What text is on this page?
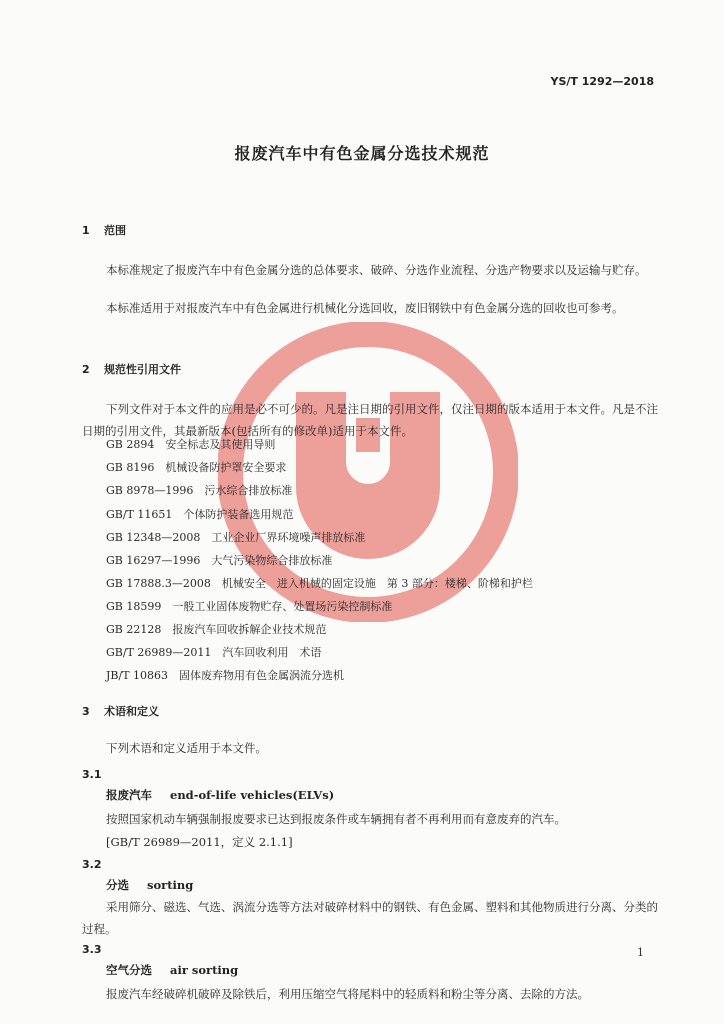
YS/T 1292—2018
报废汽车中有色金属分选技术规范
1 范围
本标准规定了报废汽车中有色金属分选的总体要求、破碎、分选作业流程、分选产物要求以及运输与贮存。
本标准适用于对报废汽车中有色金属进行机械化分选回收，废旧钢铁中有色金属分选的回收也可参考。
2 规范性引用文件
下列文件对于本文件的应用是必不可少的。凡是注日期的引用文件，仅注日期的版本适用于本文件。凡是不注日期的引用文件，其最新版本(包括所有的修改单)适用于本文件。
GB 2894　 安全标志及其使用导则
GB 8196　 机械设备防护罩安全要求
GB 8978—1996　 污水综合排放标准
GB/T 11651　 个体防护装备选用规范
GB 12348—2008　 工业企业厂界环境噪声排放标准
GB 16297—1996　 大气污染物综合排放标准
GB 17888.3—2008　 机械安全　进入机械的固定设施　第 3 部分：楼梯、阶梯和护栏
GB 18599　 一般工业固体废物贮存、处置场污染控制标准
GB 22128　 报废汽车回收拆解企业技术规范
GB/T 26989—2011　 汽车回收利用　术语
JB/T 10863　 固体废弃物用有色金属涡流分选机
3 术语和定义
下列术语和定义适用于本文件。
3.1
报废汽车 end-of-life vehicles(ELVs)
按照国家机动车辆强制报废要求已达到报废条件或车辆拥有者不再利用而有意废弃的汽车。
[GB/T 26989—2011，定义 2.1.1]
3.2
分选 sorting
采用筛分、磁选、气选、涡流分选等方法对破碎材料中的钢铁、有色金属、塑料和其他物质进行分离、分类的过程。
3.3
空气分选 air sorting
报废汽车经破碎机破碎及除铁后，利用压缩空气将尾料中的轻质料和粉尘等分离、去除的方法。
1
